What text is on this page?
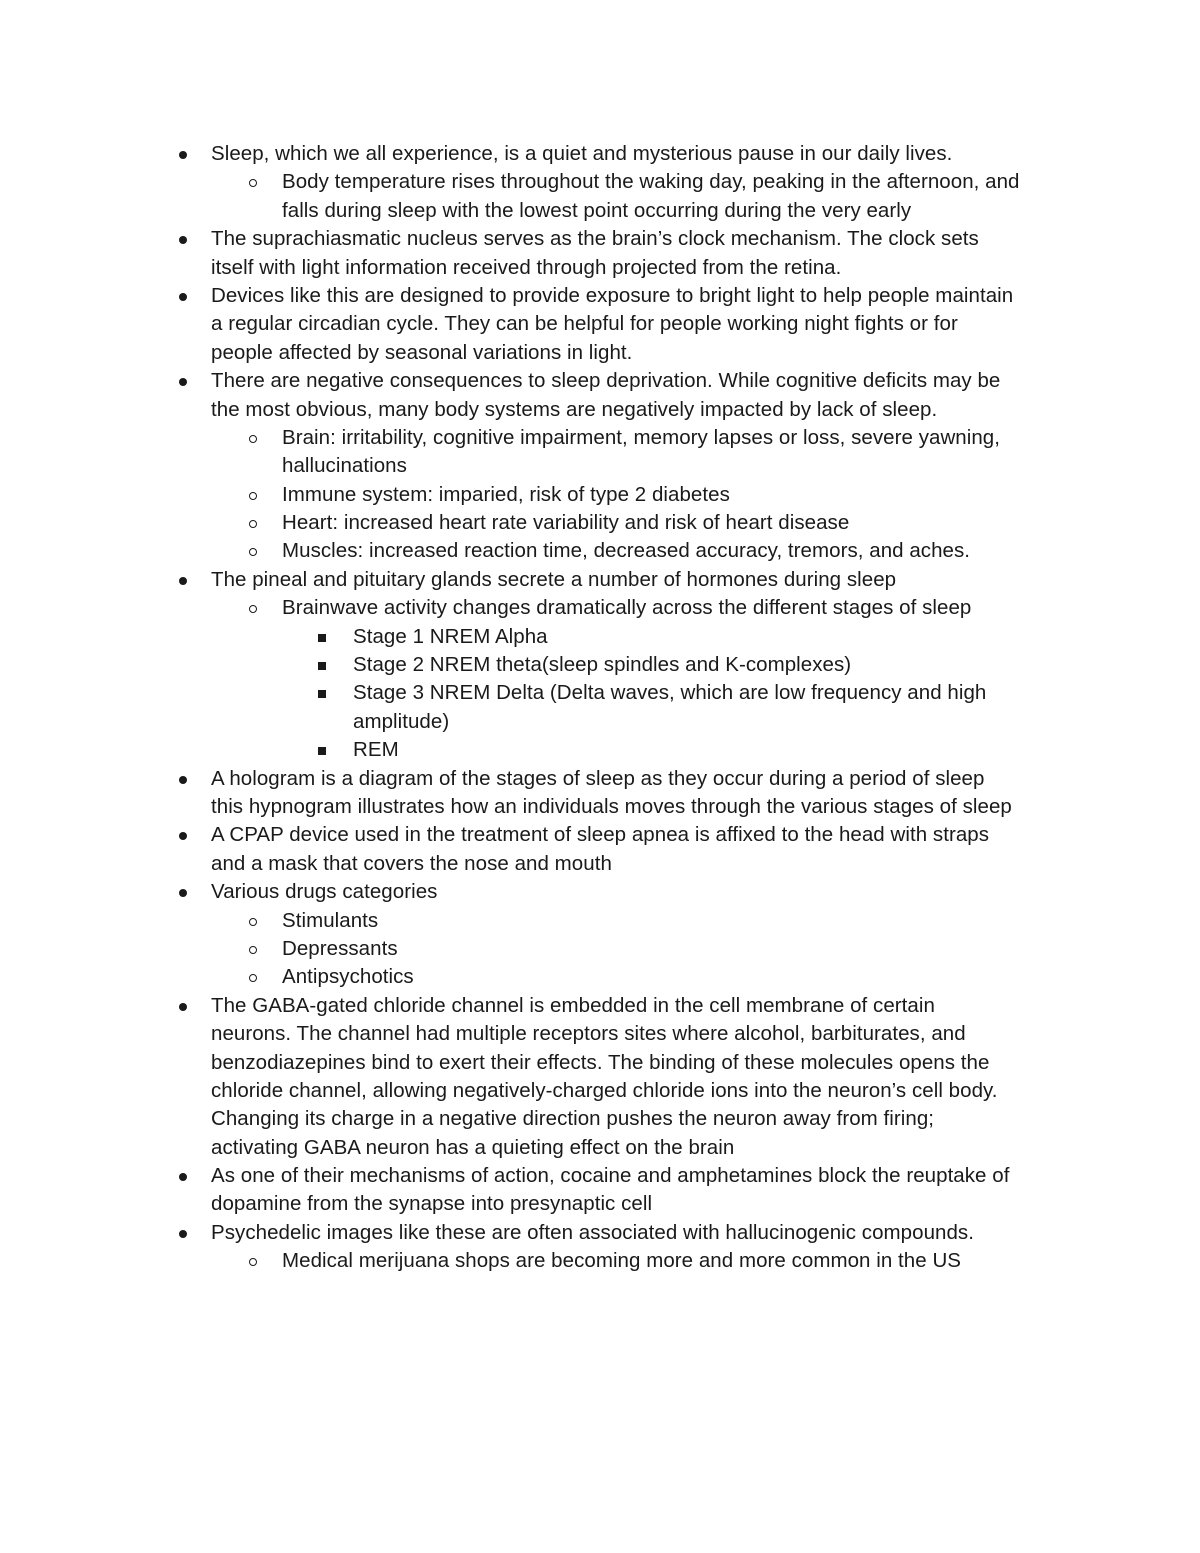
Sleep, which we all experience, is a quiet and mysterious pause in our daily lives.
Body temperature rises throughout the waking day, peaking in the afternoon, and
falls during sleep with the lowest point occurring during the very early
The suprachiasmatic nucleus serves as the brain’s clock mechanism. The clock sets
itself with light information received through projected from the retina.
Devices like this are designed to provide exposure to bright light to help people maintain
a regular circadian cycle. They can be helpful for people working night fights or for
people affected by seasonal variations in light.
There are negative consequences to sleep deprivation. While cognitive deficits may be
the most obvious, many body systems are negatively impacted by lack of sleep.
Brain: irritability, cognitive impairment, memory lapses or loss, severe yawning,
hallucinations
Immune system: imparied, risk of type 2 diabetes
Heart: increased heart rate variability and risk of heart disease
Muscles: increased reaction time, decreased accuracy, tremors, and aches.
The pineal and pituitary glands secrete a number of hormones during sleep
Brainwave activity changes dramatically across the different stages of sleep
Stage 1 NREM Alpha
Stage 2 NREM theta(sleep spindles and K-complexes)
Stage 3 NREM Delta (Delta waves, which are low frequency and high
amplitude)
REM
A hologram is a diagram of the stages of sleep as they occur during a period of sleep
this hypnogram illustrates how an individuals moves through the various stages of sleep
A CPAP device used in the treatment of sleep apnea is affixed to the head with straps
and a mask that covers the nose and mouth
Various drugs categories
Stimulants
Depressants
Antipsychotics
The GABA-gated chloride channel is embedded in the cell membrane of certain
neurons. The channel had multiple receptors sites where alcohol, barbiturates, and
benzodiazepines bind to exert their effects. The binding of these molecules opens the
chloride channel, allowing negatively-charged chloride ions into the neuron’s cell body.
Changing its charge in a negative direction pushes the neuron away from firing;
activating GABA neuron has a quieting effect on the brain
As one of their mechanisms of action, cocaine and amphetamines block the reuptake of
dopamine from the synapse into presynaptic cell
Psychedelic images like these are often associated with hallucinogenic compounds.
Medical merijuana shops are becoming more and more common in the US
